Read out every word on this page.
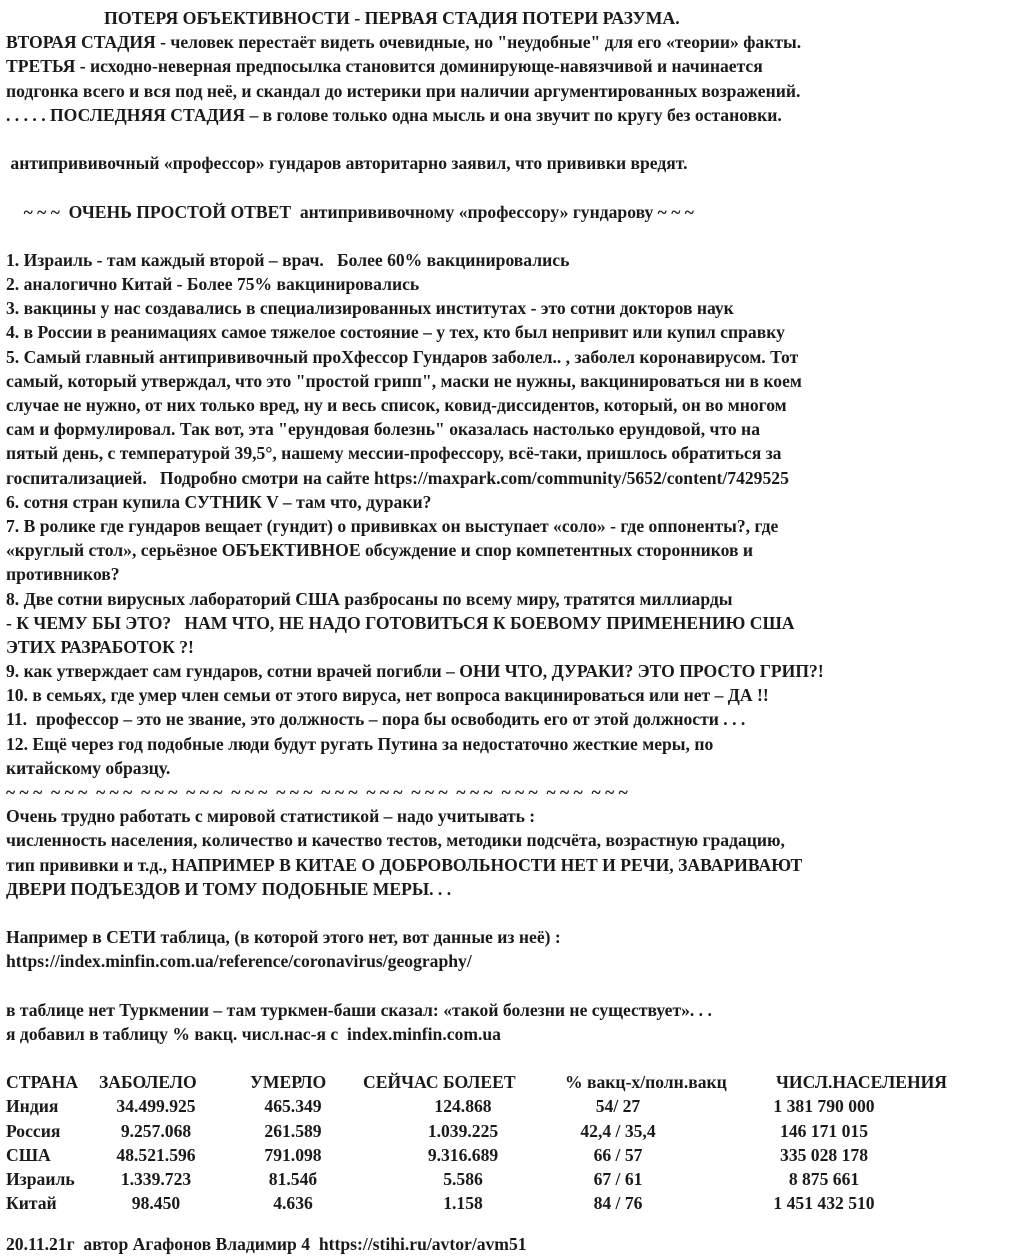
ПОТЕРЯ ОБЪЕКТИВНОСТИ - ПЕРВАЯ СТАДИЯ ПОТЕРИ РАЗУМА.
ВТОРАЯ СТАДИЯ - человек перестаёт видеть очевидные, но "неудобные" для его «теории» факты.
ТРЕТЬЯ - исходно-неверная предпосылка становится доминирующе-навязчивой и начинается
подгонка всего и вся под неё, и скандал до истерики при наличии аргументированных возражений.
. . . . . ПОСЛЕДНЯЯ СТАДИЯ – в голове только одна мысль и она звучит по кругу без остановки.
антипрививочный «профессор» гундаров авторитарно заявил, что прививки вредят.
~ ~ ~  ОЧЕНЬ ПРОСТОЙ ОТВЕТ  антипрививочному «профессору» гундарову ~ ~ ~
1. Израиль - там каждый второй – врач.   Более 60% вакцинировались
2. аналогично Китай - Более 75% вакцинировались
3. вакцины у нас создавались в специализированных институтах - это сотни докторов наук
4. в России в реанимациях самое тяжелое состояние – у тех, кто был непривит или купил справку
5. Самый главный антипрививочный проХфессор Гундаров заболел.. , заболел коронавирусом. Тот
самый, который утверждал, что это "простой грипп", маски не нужны, вакцинироваться ни в коем
случае не нужно, от них только вред, ну и весь список, ковид-диссидентов, который, он во многом
сам и формулировал. Так вот, эта "ерундовая болезнь" оказалась настолько ерундовой, что на
пятый день, с температурой 39,5°, нашему мессии-профессору, всё-таки, пришлось обратиться за
госпитализацией.   Подробно смотри на сайте https://maxpark.com/community/5652/content/7429525
6. сотня стран купила СУТНИК V – там что, дураки?
7. В ролике где гундаров вещает (гундит) о прививках он выступает «соло» - где оппоненты?, где
«круглый стол», серьёзное ОБЪЕКТИВНОЕ обсуждение и спор компетентных сторонников и
противников?
8. Две сотни вирусных лабораторий США разбросаны по всему миру, тратятся миллиарды
- К ЧЕМУ БЫ ЭТО?   НАМ ЧТО, НЕ НАДО ГОТОВИТЬСЯ К БОЕВОМУ ПРИМЕНЕНИЮ США
ЭТИХ РАЗРАБОТОК ?!
9. как утверждает сам гундаров, сотни врачей погибли – ОНИ ЧТО, ДУРАКИ? ЭТО ПРОСТО ГРИП?!
10. в семьях, где умер член семьи от этого вируса, нет вопроса вакцинироваться или нет – ДА !!
11.  профессор – это не звание, это должность – пора бы освободить его от этой должности . . .
12. Ещё через год подобные люди будут ругать Путина за недостаточно жесткие меры, по
китайскому образцу.
~ ~ ~  ~ ~ ~  ~ ~ ~  ~ ~ ~  ~ ~ ~  ~ ~ ~  ~ ~ ~  ~ ~ ~  ~ ~ ~  ~ ~ ~  ~ ~ ~  ~ ~ ~  ~ ~ ~  ~ ~ ~
Очень трудно работать с мировой статистикой – надо учитывать :
численность населения, количество и качество тестов, методики подсчёта, возрастную градацию,
тип прививки и т.д., НАПРИМЕР В КИТАЕ О ДОБРОВОЛЬНОСТИ НЕТ И РЕЧИ, ЗАВАРИВАЮТ
ДВЕРИ ПОДЪЕЗДОВ И ТОМУ ПОДОБНЫЕ МЕРЫ. . .
Например в СЕТИ таблица, (в которой этого нет, вот данные из неё) :
https://index.minfin.com.ua/reference/coronavirus/geography/
в таблице нет Туркмении – там туркмен-баши сказал: «такой болезни не существует». . .
я добавил в таблицу % вакц. числ.нас-я с  index.minfin.com.ua
СТРАНА ЗАБОЛЕЛО	УМЕРЛО СЕЙЧАС БОЛЕЕТ	% вакц-х/полн.вакц	ЧИСЛ.НАСЕЛЕНИЯ
Индия	34.499.925	465.349	124.868	54/ 27	1 381 790 000
Россия	9.257.068	261.589	1.039.225	42,4 / 35,4	146 171 015
США	48.521.596	791.098	9.316.689	66 / 57	335 028 178
Израиль	1.339.723	81.54б	5.586	67 / 61	8 875 661
Китай	98.450	4.636	1.158	84 / 76	1 451 432 510
20.11.21г  автор Агафонов Владимир 4  https://stihi.ru/avtor/avm51
